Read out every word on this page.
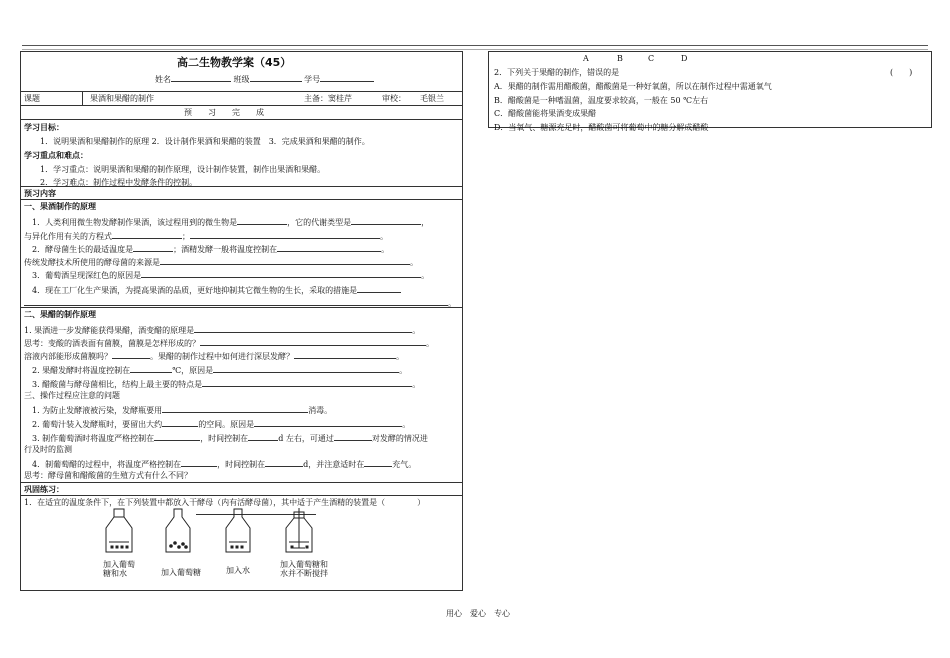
高二生物教学案（45）
姓名	班级	学号
课题	果酒和果醋的制作	主备：窦桂芹	审校： 毛银兰
预　　习　　完　　成
学习目标：
1．说明果酒和果醋制作的原理 2．设计制作果酒和果醋的装置　3．完成果酒和果醋的制作。
学习重点和难点：
1．学习重点：说明果酒和果醋的制作原理，设计制作装置，制作出果酒和果醋。
2．学习难点：制作过程中发酵条件的控制。
预习内容
一、果酒制作的原理
1．人类利用微生物发酵制作果酒，该过程用到的微生物是	，它的代谢类型是	，
与异化作用有关的方程式	；	。
2．酵母菌生长的最适温度是	；酒精发酵一般将温度控制在	。
传统发酵技术所使用的酵母菌的来源是	。
3．葡萄酒呈现深红色的原因是	。
4．现在工厂化生产果酒，为提高果酒的品质，更好地抑制其它微生物的生长，采取的措施是
。
二、果醋的制作原理
1. 果酒进一步发酵能获得果醋，酒变醋的原理是	。
思考：变酸的酒表面有菌膜，菌膜是怎样形成的？	。
溶液内部能形成菌膜吗？	。果醋的制作过程中如何进行深层发酵？	。
2. 果醋发酵时将温度控制在	℃，原因是	。
3. 醋酸菌与酵母菌相比，结构上最主要的特点是	。
三、操作过程应注意的问题
1. 为防止发酵液被污染，发酵瓶要用	消毒。
2. 葡萄汁装入发酵瓶时，要留出大约	的空间。原因是	。
3. 制作葡萄酒时将温度严格控制在	，时间控制在	d 左右，可通过	对发酵的情况进
行及时的监测
4．制葡萄醋的过程中，将温度严格控制在	，时间控制在	d，并注意适时在	充气。
思考：酵母菌和醋酸菌的生殖方式有什么不同？
巩固练习：
1．在适宜的温度条件下，在下列装置中都放入干酵母（内有活酵母菌），其中适于产生酒精的装置是（　　　　）
加入葡萄
糖和水	加入葡萄糖	加入水
加入葡萄糖和
水并不断搅拌
A	B	C	D
2．下列关于果醋的制作，错误的是	(　　)
A．果醋的制作需用醋酸菌，醋酸菌是一种好氧菌，所以在制作过程中需通氧气
B．醋酸菌是一种嗜温菌，温度要求较高，一般在 50 ℃左右
C．醋酸菌能将果酒变成果醋
D．当氧气、糖源充足时，醋酸菌可将葡萄中的糖分解成醋酸
用心　爱心　专心
